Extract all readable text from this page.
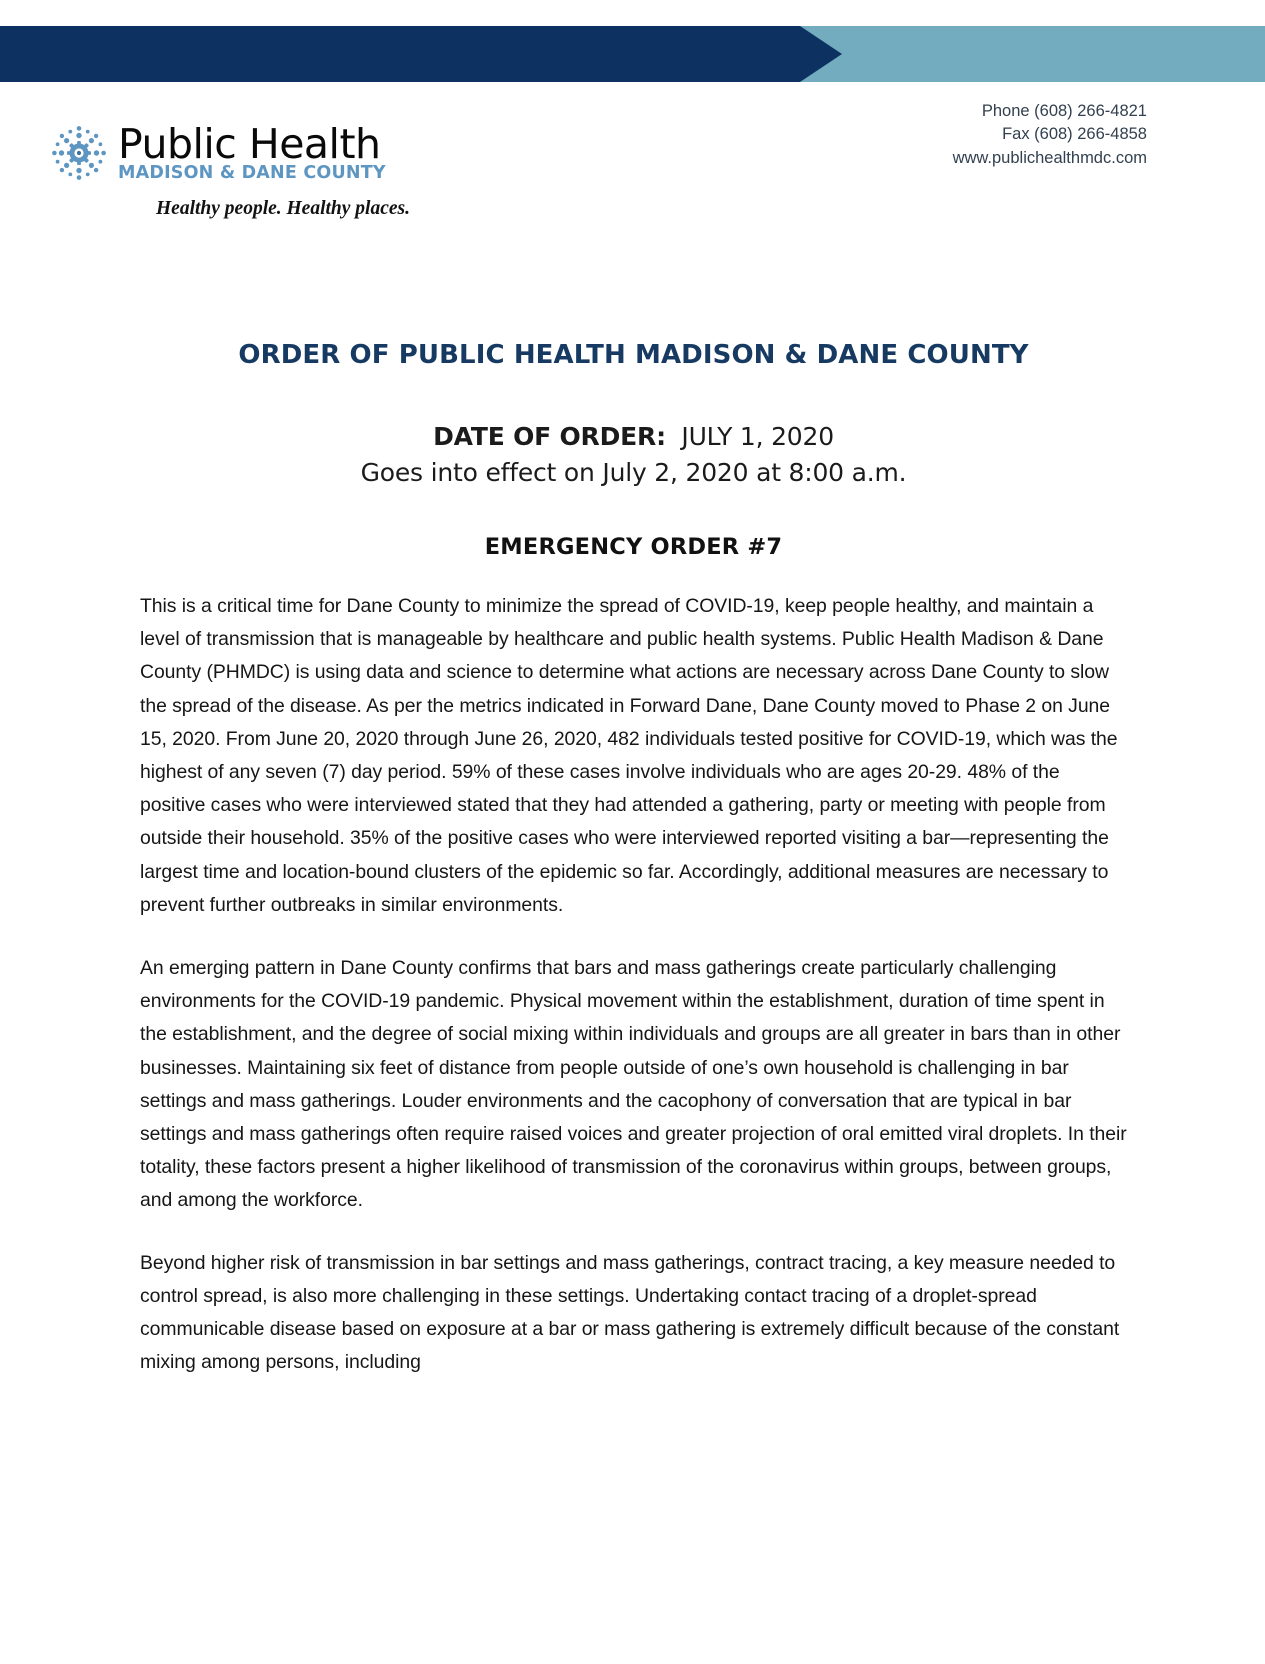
Public Health MADISON & DANE COUNTY
Healthy people. Healthy places.
Phone (608) 266-4821
Fax (608) 266-4858
www.publichealthmdc.com
ORDER OF PUBLIC HEALTH MADISON & DANE COUNTY
DATE OF ORDER: JULY 1, 2020
Goes into effect on July 2, 2020 at 8:00 a.m.
EMERGENCY ORDER #7

This is a critical time for Dane County to minimize the spread of COVID-19, keep people healthy, and maintain a level of transmission that is manageable by healthcare and public health systems. Public Health Madison & Dane County (PHMDC) is using data and science to determine what actions are necessary across Dane County to slow the spread of the disease. As per the metrics indicated in Forward Dane, Dane County moved to Phase 2 on June 15, 2020. From June 20, 2020 through June 26, 2020, 482 individuals tested positive for COVID-19, which was the highest of any seven (7) day period. 59% of these cases involve individuals who are ages 20-29. 48% of the positive cases who were interviewed stated that they had attended a gathering, party or meeting with people from outside their household. 35% of the positive cases who were interviewed reported visiting a bar—representing the largest time and location-bound clusters of the epidemic so far. Accordingly, additional measures are necessary to prevent further outbreaks in similar environments.

An emerging pattern in Dane County confirms that bars and mass gatherings create particularly challenging environments for the COVID-19 pandemic. Physical movement within the establishment, duration of time spent in the establishment, and the degree of social mixing within individuals and groups are all greater in bars than in other businesses. Maintaining six feet of distance from people outside of one’s own household is challenging in bar settings and mass gatherings. Louder environments and the cacophony of conversation that are typical in bar settings and mass gatherings often require raised voices and greater projection of oral emitted viral droplets. In their totality, these factors present a higher likelihood of transmission of the coronavirus within groups, between groups, and among the workforce.

Beyond higher risk of transmission in bar settings and mass gatherings, contract tracing, a key measure needed to control spread, is also more challenging in these settings. Undertaking contact tracing of a droplet-spread communicable disease based on exposure at a bar or mass gathering is extremely difficult because of the constant mixing among persons, including
